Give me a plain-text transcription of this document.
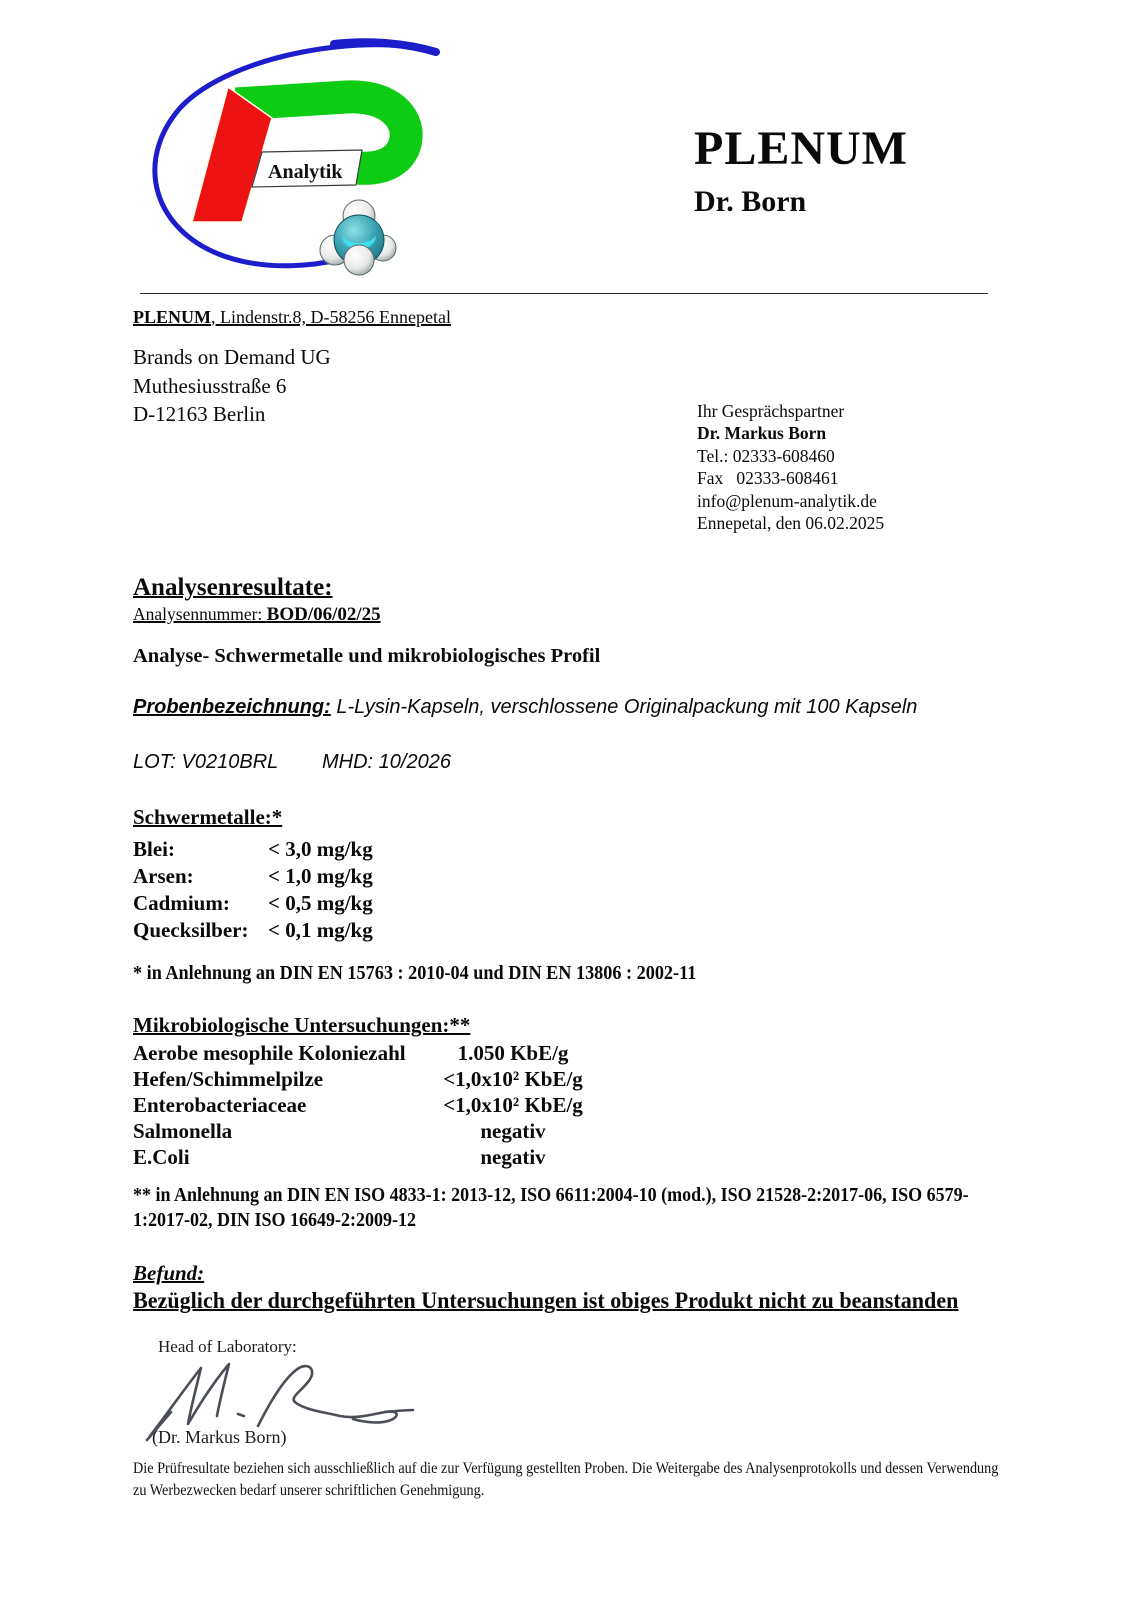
Analytik	PLENUM
Dr. Born
PLENUM, Lindenstr.8, D-58256 Ennepetal
Brands on Demand UG
Muthesiusstraße 6
D-12163 Berlin	Ihr Gesprächspartner
Dr. Markus Born
Tel.: 02333-608460
Fax   02333-608461
info@plenum-analytik.de
Ennepetal, den 06.02.2025
Analysenresultate:
Analysennummer: BOD/06/02/25
Analyse- Schwermetalle und mikrobiologisches Profil
Probenbezeichnung: L-Lysin-Kapseln, verschlossene Originalpackung mit 100 Kapseln
LOT: V0210BRL MHD: 10/2026
Schwermetalle:*
Blei:	< 3,0 mg/kg
Arsen:	< 1,0 mg/kg
Cadmium: < 0,5 mg/kg
Quecksilber: < 0,1 mg/kg
* in Anlehnung an DIN EN 15763 : 2010-04 und DIN EN 13806 : 2002-11
Mikrobiologische Untersuchungen:**
Aerobe mesophile Koloniezahl	1.050 KbE/g
Hefen/Schimmelpilze	<1,0x10² KbE/g
Enterobacteriaceae	<1,0x10² KbE/g
Salmonella	negativ
E.Coli	negativ
** in Anlehnung an DIN EN ISO 4833-1: 2013-12, ISO 6611:2004-10 (mod.), ISO 21528-2:2017-06, ISO 6579-1:2017-02, DIN ISO 16649-2:2009-12
Befund:
Bezüglich der durchgeführten Untersuchungen ist obiges Produkt nicht zu beanstanden
Head of Laboratory:
(Dr. Markus Born)
Die Prüfresultate beziehen sich ausschließlich auf die zur Verfügung gestellten Proben. Die Weitergabe des Analysenprotokolls und dessen Verwendung zu Werbezwecken bedarf unserer schriftlichen Genehmigung.
